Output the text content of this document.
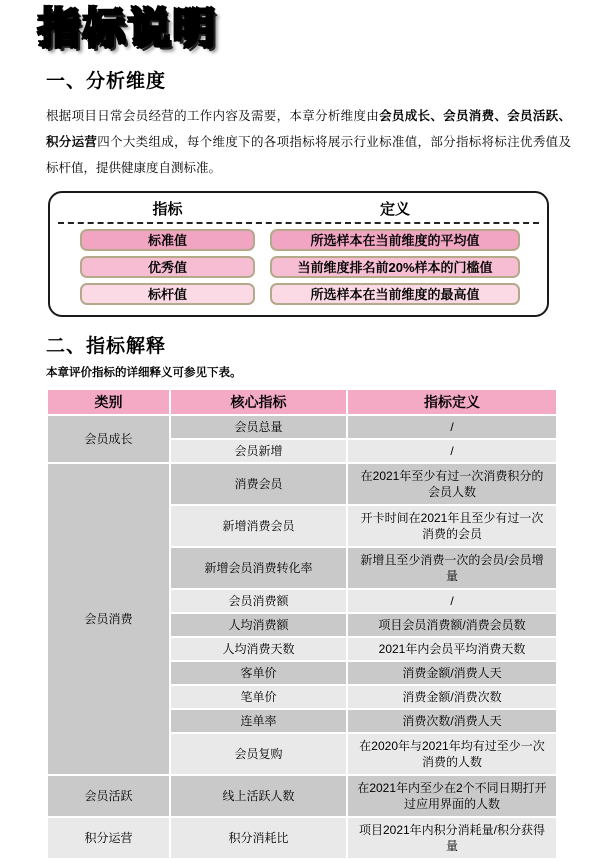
指标说明
一、分析维度

根据项目日常会员经营的工作内容及需要，本章分析维度由会员成长、会员消费、会员活跃、积分运营四个大类组成，每个维度下的各项指标将展示行业标准值，部分指标将标注优秀值及标杆值，提供健康度自测标准。

指标	定义
标准值	所选样本在当前维度的平均值
优秀值	当前维度排名前20%样本的门槛值
标杆值	所选样本在当前维度的最高值
二、指标解释
本章评价指标的详细释义可参见下表。
类别	核心指标	指标定义
会员成长	会员总量	/
	会员新增	/
会员消费	消费会员	在2021年至少有过一次消费积分的会员人数
	新增消费会员	开卡时间在2021年且至少有过一次消费的会员
	新增会员消费转化率	新增且至少消费一次的会员/会员增量
	会员消费额	/
	人均消费额	项目会员消费额/消费会员数
	人均消费天数	2021年内会员平均消费天数
	客单价	消费金额/消费人天
	笔单价	消费金额/消费次数
	连单率	消费次数/消费人天
	会员复购	在2020年与2021年均有过至少一次消费的人数
会员活跃	线上活跃人数	在2021年内至少在2个不同日期打开过应用界面的人数
积分运营	积分消耗比	项目2021年内积分消耗量/积分获得量
